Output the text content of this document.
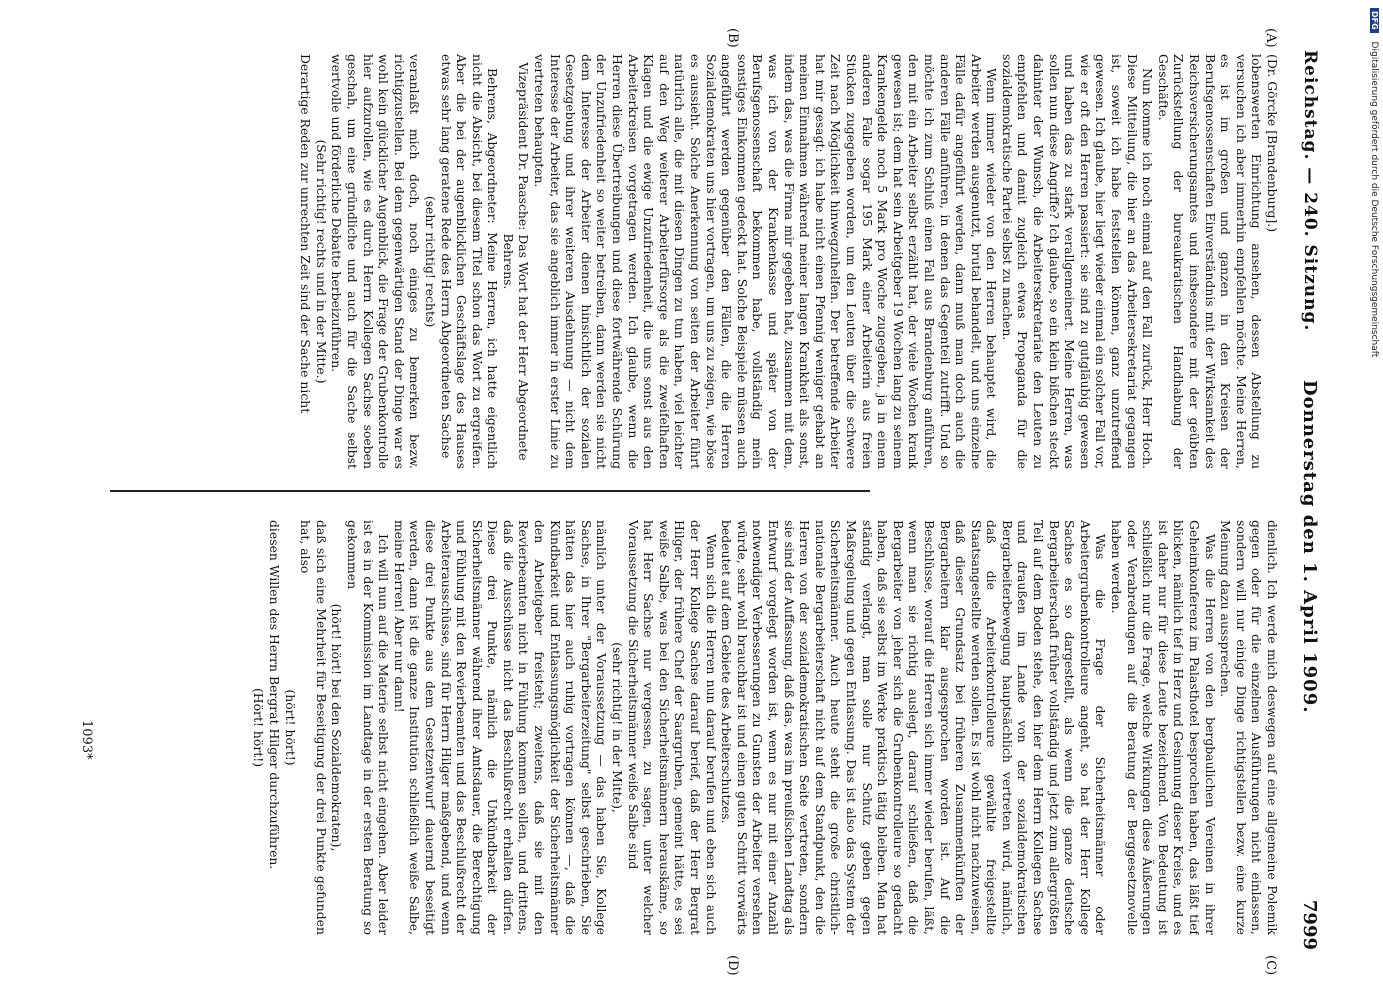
Reichstag. — 240. Sitzung.
Donnerstag den 1. April 1909.
7999
(A)
(B)
(C)
(D)

(Dr. Görcke [Brandenburg].)

lobenswerten Einrichtung ansehen, dessen Abstellung zu versuchen ich aber immerhin empfehlen möchte. Meine Herren, es ist im großen und ganzen in den Kreisen der Berufsgenossenschaften Einverständnis mit der Wirksamkeit des Reichsversicherungsamtes und insbesondere mit der geübten Zurückstellung der bureaukratischen Handhabung der Geschäfte.

Nun komme ich noch einmal auf den Fall zurück, Herr Hoch. Diese Mitteilung, die hier an das Arbeitersekretariat gegangen ist, soweit ich habe feststellen können, ganz unzutreffend gewesen. Ich glaube, hier liegt wieder einmal ein solcher Fall vor, wie er oft den Herren passiert: sie sind zu gutgläubig gewesen und haben das zu stark verallgemeinert. Meine Herren, was sollen nun diese Angriffe? Ich glaube, so ein klein bißchen steckt dahinter der Wunsch, die Arbeitersekretariate den Leuten zu empfehlen und damit zugleich etwas Propaganda für die sozialdemokratische Partei selbst zu machen.

Wenn immer wieder von den Herren behauptet wird, die Arbeiter werden ausgenutzt, brutal behandelt, und uns einzelne Fälle dafür angeführt werden, dann muß man doch auch die anderen Fälle anführen, in denen das Gegenteil zutrifft. Und so möchte ich zum Schluß einen Fall aus Brandenburg anführen, den mit ein Arbeiter selbst erzählt hat, der viele Wochen krank gewesen ist; dem hat sein Arbeitgeber 19 Wochen lang zu seinem Krankengelde noch 5 Mark pro Woche zugegeben, ja in einem anderen Falle sogar 195 Mark einer Arbeiterin aus freien Stücken zugegeben worden, um den Leuten über die schwere Zeit nach Möglichkeit hinwegzuhelfen. Der betreffende Arbeiter hat mir gesagt: ich habe nicht einen Pfennig weniger gehabt an meinen Einnahmen während meiner langen Krankheit als sonst, indem das, was die Firma mir gegeben hat, zusammen mit dem, was ich von der Krankenkasse und später von der Berufsgenossenschaft bekommen habe, vollständig mein sonstiges Einkommen gedeckt hat. Solche Beispiele müssen auch angeführt werden gegenüber den Fällen, die die Herren Sozialdemokraten uns hier vortragen, um uns zu zeigen, wie böse es aussieht. Solche Anerkennung von seiten der Arbeiter führt natürlich alle, die mit diesen Dingen zu tun haben, viel leichter auf den Weg weiterer Arbeiterfürsorge als die zweifelhaften Klagen und die ewige Unzufriedenheit, die uns sonst aus den Arbeiterkreisen vorgetragen werden. Ich glaube, wenn die Herren diese Übertreibungen und diese fortwährende Schürung der Unzufriedenheit so weiter betreiben, dann werden sie nicht dem Interesse der Arbeiter dienen hinsichtlich der sozialen Gesetzgebung und ihrer weiteren Ausdehnung — nicht dem Interesse der Arbeiter, das sie angeblich immer in erster Linie zu vertreten behaupten.

Vizepräsident Dr. Paasche: Das Wort hat der Herr Abgeordnete Behrens.

Behrens, Abgeordneter: Meine Herren, ich hatte eigentlich nicht die Absicht, bei diesem Titel schon das Wort zu ergreifen. Aber die bei der augenblicklichen Geschäftslage des Hauses etwas sehr lang geratene Rede des Herrn Abgeordneten Sachse

(sehr richtig! rechts)

veranlaßt mich doch, noch einiges zu bemerken bezw. richtigzustellen. Bei dem gegenwärtigen Stand der Dinge war es wohl kein glücklicher Augenblick, die Frage der Grubenkontrolle hier aufzurollen, wie es durch Herrn Kollegen Sachse soeben geschah, um eine gründliche und auch für die Sache selbst wertvolle und förderliche Debatte herbeizuführen.

(Sehr richtig! rechts und in der Mitte.)

Derartige Reden zur unrechten Zeit sind der Sache nicht

dienlich. Ich werde mich deswegen auf eine allgemeine Polemik gegen oder für die einzelnen Ausführungen nicht einlassen, sondern will nur einige Dinge richtigstellen bezw. eine kurze Meinung dazu aussprechen.

Was die Herren von den bergbaulichen Vereinen in ihrer Geheimkonferenz im Palasthotel besprochen haben, das läßt tief blicken, nämlich tief in Herz und Gesinnung dieser Kreise, und es ist daher nur für diese Leute bezeichnend. Von Bedeutung ist schließlich nur die Frage, welche Wirkungen diese Äußerungen oder Verabredungen auf die Beratung der Berggesetznovelle haben werden.

Was die Frage der Sicherheitsmänner oder Arbeitergrubenkontrolleure angeht, so hat der Herr Kollege Sachse es so dargestellt, als wenn die ganze deutsche Bergarbeiterschaft früher vollständig und jetzt zum allergrößten Teil auf dem Boden stehe, den hier dem Herrn Kollegen Sachse und draußen im Lande von der sozialdemokratischen Bergarbeiterbewegung hauptsächlich vertreten wird, nämlich, daß die Arbeiterkontrolleure gewählte freigestellte Staatsangestellte werden sollen. Es ist wohl nicht nachzuweisen, daß dieser Grundsatz bei früheren Zusammenkünften der Bergarbeitern klar ausgesprochen worden ist. Auf die Beschlüsse, worauf die Herren sich immer wieder berufen, läßt, wenn man sie richtig auslegt, darauf schließen, daß die Bergarbeiter von jeher sich die Grubenkontrolleure so gedacht haben, daß sie selbst im Werke praktisch tätig bleiben. Man hat ständig verlangt, man solle nur Schutz geben gegen Maßregelung und gegen Entlassung. Das ist also das System der Sicherheitsmänner. Auch heute steht die große christlich-nationale Bergarbeiterschaft nicht auf dem Standpunkt, den die Herren von der sozialdemokratischen Seite vertreten, sondern sie sind der Auffassung, daß das, was im preußischen Landtag als Entwurf vorgelegt worden ist, wenn es nur mit einer Anzahl notwendiger Verbesserungen zu Gunsten der Arbeiter versehen würde, sehr wohl brauchbar ist und einen guten Schritt vorwärts bedeutet auf dem Gebiete des Arbeiterschutzes.

Wenn sich die Herren nun darauf berufen und eben sich auch der Herr Kollege Sachse darauf berief, daß der Herr Bergrat Hilger, der frühere Chef der Saargruben, gemeint hätte, es sei weiße Salbe, was bei den Sicherheitsmännern herauskäme, so hat Herr Sachse nur vergessen, zu sagen, unter welcher Voraussetzung die Sicherheitsmänner weiße Salbe sind

(sehr richtig! in der Mitte),

nämlich unter der Voraussetzung — das haben Sie, Kollege Sachse, in Ihrer "Bergarbeiterzeitung" selbst geschrieben, Sie hätten das hier auch ruhig vortragen können —, daß die Kündbarkeit und Entlassungsmöglichkeit der Sicherheitsmänner den Arbeitgeber freisteht; zweitens, daß sie mit den Revierbeamten nicht in Fühlung kommen sollen, und drittens, daß die Ausschüsse nicht das Beschlußrecht erhalten dürfen. Diese drei Punkte, nämlich die Unkündbarkeit der Sicherheitsmänner während ihrer Amtsdauer, die Berechtigung und Fühlung mit den Revierbeamten und das Beschlußrecht der Arbeiterausschüsse, sind für Herrn Hilger maßgebend, und wenn diese drei Punkte aus dem Gesetzentwurf dauernd beseitigt werden, dann ist die ganze Institution schließlich weiße Salbe, meine Herren! Aber nur dann!

Ich will nun auf die Materie selbst nicht eingehen. Aber leider ist es in der Kommission im Landtage in der ersten Beratung so gekommen

(hört! hört! bei den Sozialdemokraten),

daß sich eine Mehrheit für Beseitigung der drei Punkte gefunden hat, also

(hört! hört!)

diesen Willen des Herrn Bergrat Hilger durchzuführen.

(Hört! hört!)

1093*
DFG Digitalisierung gefördert durch die Deutsche Forschungsgemeinschaft
